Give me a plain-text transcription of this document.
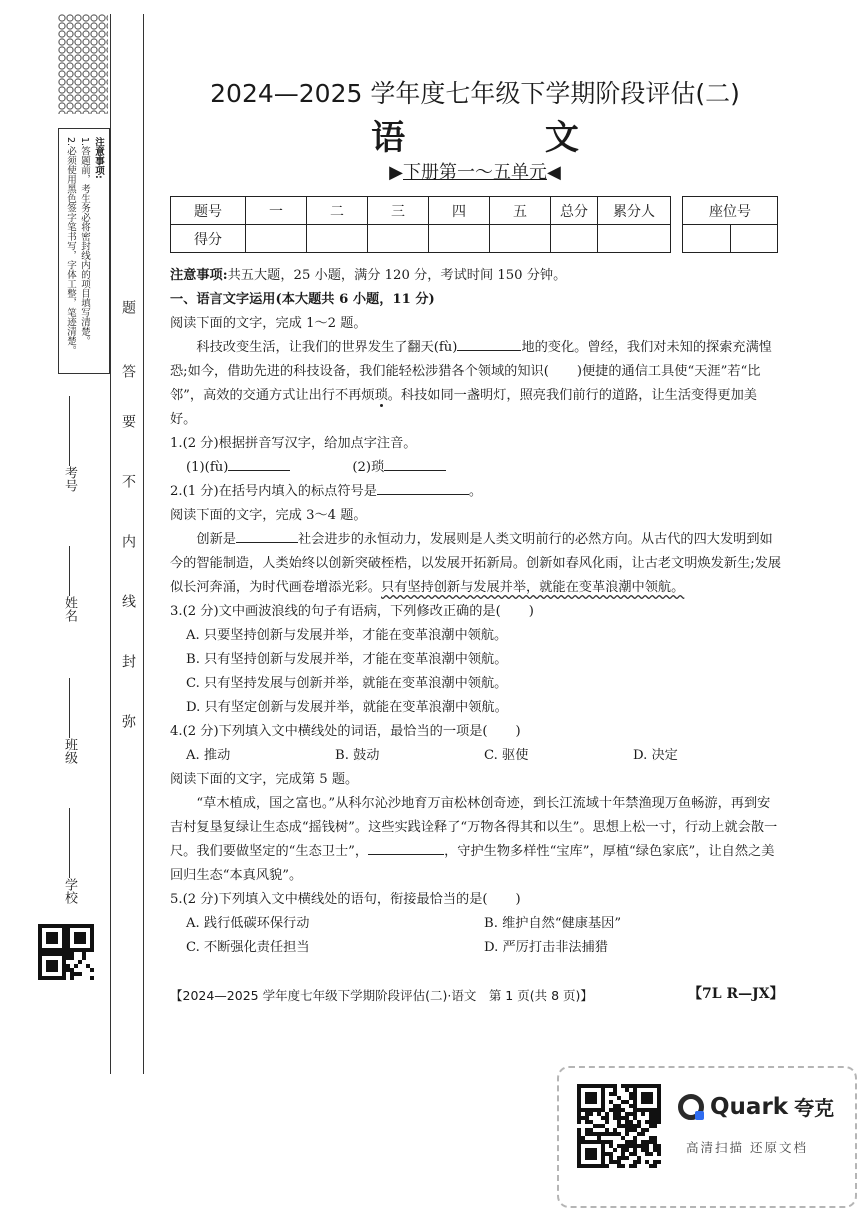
注意事项:
1.答题前，考生务必将密封线内的项目填写清楚。
2.必须使用黑色签字笔书写，字体工整，笔迹清楚。	题
答
要
不
内
线
封
弥
考号
姓名
班级
学校
2024—2025 学年度七年级下学期阶段评估(二)
语 文
▶下册第一～五单元◀
题号	一	二	三	四	五	总分	累分人
得分							
座位号

注意事项:共五大题，25 小题，满分 120 分，考试时间 150 分钟。

一、语言文字运用(本大题共 6 小题，11 分)

阅读下面的文字，完成 1～2 题。

科技改变生活，让我们的世界发生了翻天(fù)	地的变化。曾经，我们对未知的探索充满惶恐;如今，借助先进的科技设备，我们能轻松涉猎各个领域的知识( )便捷的通信工具使“天涯”若“比邻”，高效的交通方式让出行不再烦琐。科技如同一盏明灯，照亮我们前行的道路，让生活变得更加美好。

1.(2 分)根据拼音写汉字，给加点字注音。

(1)(fù)	(2)琐

2.(1 分)在括号内填入的标点符号是	。

阅读下面的文字，完成 3～4 题。

创新是	社会进步的永恒动力，发展则是人类文明前行的必然方向。从古代的四大发明到如今的智能制造，人类始终以创新突破桎梏，以发展开拓新局。创新如春风化雨，让古老文明焕发新生;发展似长河奔涌，为时代画卷增添光彩。只有坚持创新与发展并举，就能在变革浪潮中领航。

3.(2 分)文中画波浪线的句子有语病，下列修改正确的是( )

A. 只要坚持创新与发展并举，才能在变革浪潮中领航。

B. 只有坚持创新与发展并举，才能在变革浪潮中领航。

C. 只有坚持发展与创新并举，就能在变革浪潮中领航。

D. 只有坚定创新与发展并举，就能在变革浪潮中领航。

4.(2 分)下列填入文中横线处的词语，最恰当的一项是( )

A. 推动	B. 鼓动	C. 驱使	D. 决定

阅读下面的文字，完成第 5 题。

“草木植成，国之富也。”从科尔沁沙地育万亩松林创奇迹，到长江流域十年禁渔现万鱼畅游，再到安吉村复垦复绿让生态成“摇钱树”。这些实践诠释了“万物各得其和以生”。思想上松一寸，行动上就会散一尺。我们要做坚定的“生态卫士”，	，守护生物多样性“宝库”，厚植“绿色家底”，让自然之美回归生态“本真风貌”。

5.(2 分)下列填入文中横线处的语句，衔接最恰当的是( )

A. 践行低碳环保行动	B. 维护自然“健康基因”
C. 不断强化责任担当	D. 严厉打击非法捕猎
【2024—2025 学年度七年级下学期阶段评估(二)·语文　第 1 页(共 8 页)】	【7L R—JX】
Quark 夸克
高清扫描 还原文档
